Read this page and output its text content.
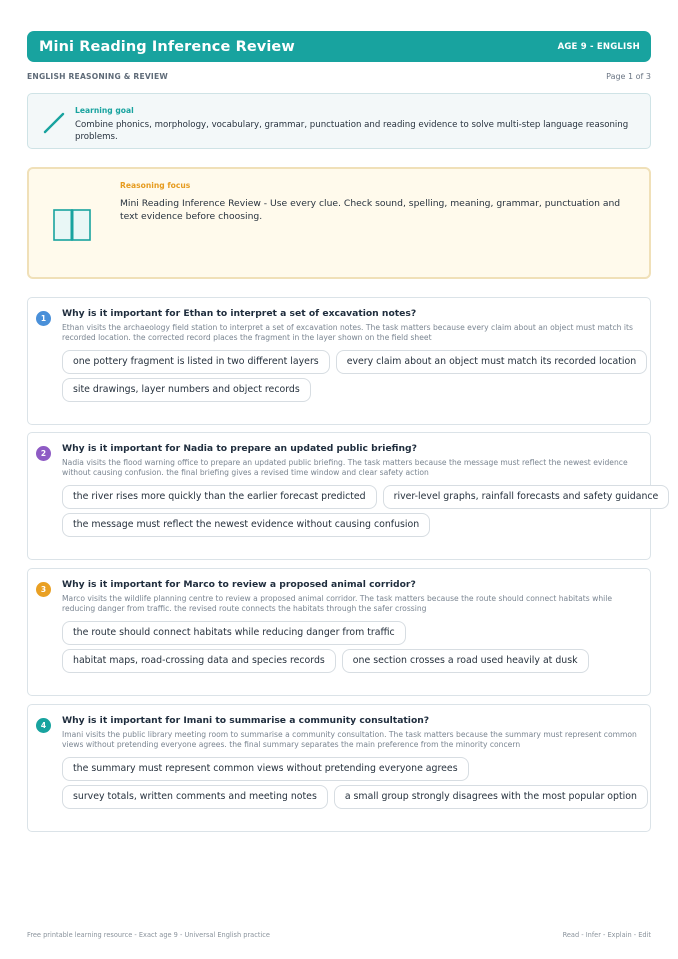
Mini Reading Inference Review	AGE 9 - ENGLISH
ENGLISH REASONING & REVIEW	Page 1 of 3
Learning goal
Combine phonics, morphology, vocabulary, grammar, punctuation and reading evidence to solve multi-step language reasoning problems.
Reasoning focus
Mini Reading Inference Review - Use every clue. Check sound, spelling, meaning, grammar, punctuation and text evidence before choosing.
1	Why is it important for Ethan to interpret a set of excavation notes?
Ethan visits the archaeology field station to interpret a set of excavation notes. The task matters because every claim about an object must match its recorded location. the corrected record places the fragment in the layer shown on the field sheet
one pottery fragment is listed in two different layers	every claim about an object must match its recorded location
site drawings, layer numbers and object records
2	Why is it important for Nadia to prepare an updated public briefing?
Nadia visits the flood warning office to prepare an updated public briefing. The task matters because the message must reflect the newest evidence without causing confusion. the final briefing gives a revised time window and clear safety action
the river rises more quickly than the earlier forecast predicted	river-level graphs, rainfall forecasts and safety guidance
the message must reflect the newest evidence without causing confusion
3	Why is it important for Marco to review a proposed animal corridor?
Marco visits the wildlife planning centre to review a proposed animal corridor. The task matters because the route should connect habitats while reducing danger from traffic. the revised route connects the habitats through the safer crossing
the route should connect habitats while reducing danger from traffic
habitat maps, road-crossing data and species records	one section crosses a road used heavily at dusk
4	Why is it important for Imani to summarise a community consultation?
Imani visits the public library meeting room to summarise a community consultation. The task matters because the summary must represent common views without pretending everyone agrees. the final summary separates the main preference from the minority concern
the summary must represent common views without pretending everyone agrees
survey totals, written comments and meeting notes	a small group strongly disagrees with the most popular option
Free printable learning resource - Exact age 9 - Universal English practice	Read - Infer - Explain - Edit
